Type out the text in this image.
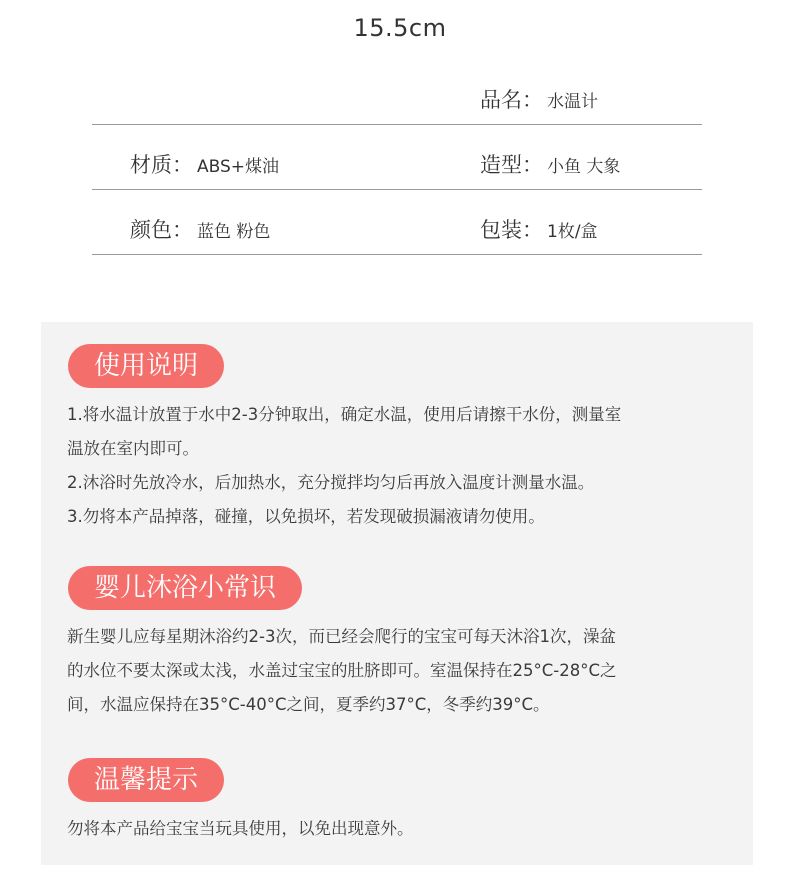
15.5cm
品名： 水温计
材质： ABS+煤油	造型： 小鱼 大象
颜色： 蓝色 粉色	包装： 1枚/盒
使用说明
1.将水温计放置于水中2-3分钟取出，确定水温，使用后请擦干水份，测量室
温放在室内即可。
2.沐浴时先放冷水，后加热水，充分搅拌均匀后再放入温度计测量水温。
3.勿将本产品掉落，碰撞，以免损坏，若发现破损漏液请勿使用。
婴儿沐浴小常识
新生婴儿应每星期沐浴约2-3次，而已经会爬行的宝宝可每天沐浴1次，澡盆
的水位不要太深或太浅，水盖过宝宝的肚脐即可。室温保持在25°C-28°C之
间，水温应保持在35°C-40°C之间，夏季约37°C，冬季约39°C。
温馨提示
勿将本产品给宝宝当玩具使用，以免出现意外。
